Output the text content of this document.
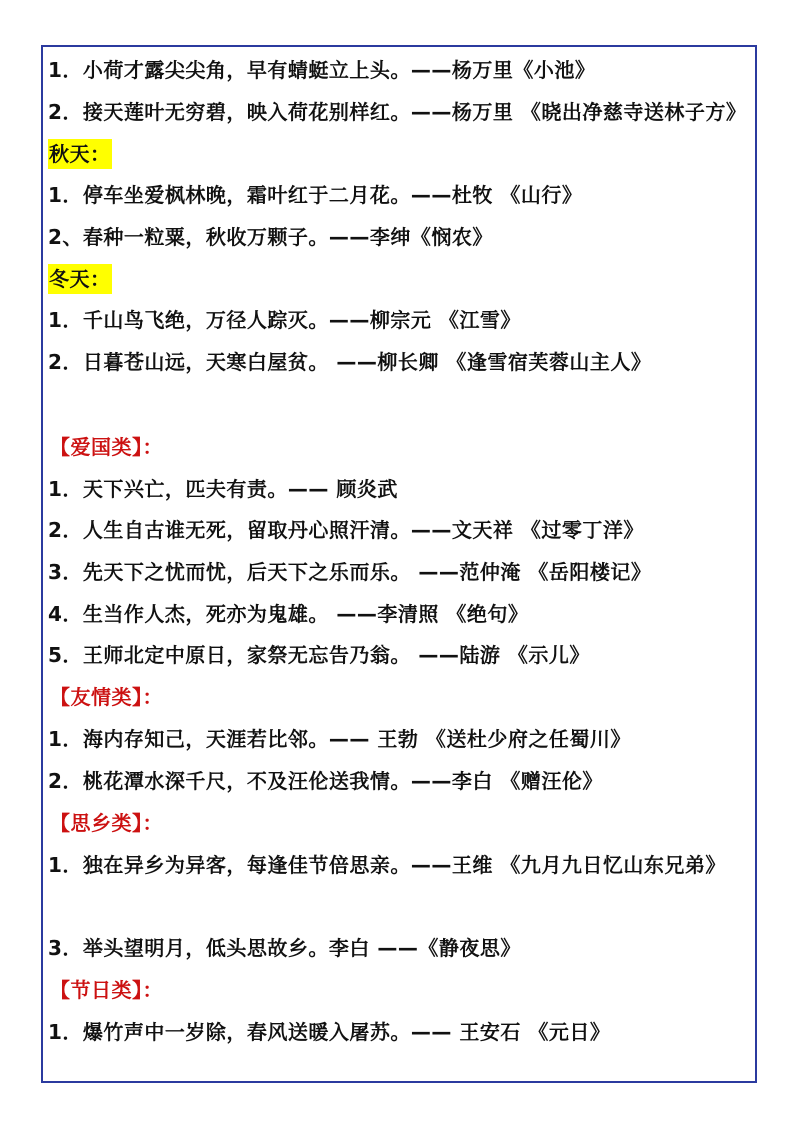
1．小荷才露尖尖角，早有蜻蜓立上头。——杨万里《小池》
2．接天莲叶无穷碧，映入荷花别样红。——杨万里 《晓出净慈寺送林子方》
秋天：
1．停车坐爱枫林晚，霜叶红于二月花。——杜牧 《山行》
2、春种一粒粟，秋收万颗子。——李绅《悯农》
冬天：
1．千山鸟飞绝，万径人踪灭。——柳宗元 《江雪》
2．日暮苍山远，天寒白屋贫。 ——柳长卿 《逢雪宿芙蓉山主人》
【爱国类】：
1．天下兴亡，匹夫有责。—— 顾炎武
2．人生自古谁无死，留取丹心照汗清。——文天祥 《过零丁洋》
3．先天下之忧而忧，后天下之乐而乐。 ——范仲淹 《岳阳楼记》
4．生当作人杰，死亦为鬼雄。 ——李清照 《绝句》
5．王师北定中原日，家祭无忘告乃翁。 ——陆游 《示儿》
【友情类】：
1．海内存知己，天涯若比邻。—— 王勃 《送杜少府之任蜀川》
2．桃花潭水深千尺，不及汪伦送我情。——李白 《赠汪伦》
【思乡类】：
1．独在异乡为异客，每逢佳节倍思亲。——王维 《九月九日忆山东兄弟》
3．举头望明月，低头思故乡。李白 ——《静夜思》
【节日类】：
1．爆竹声中一岁除，春风送暖入屠苏。—— 王安石 《元日》
